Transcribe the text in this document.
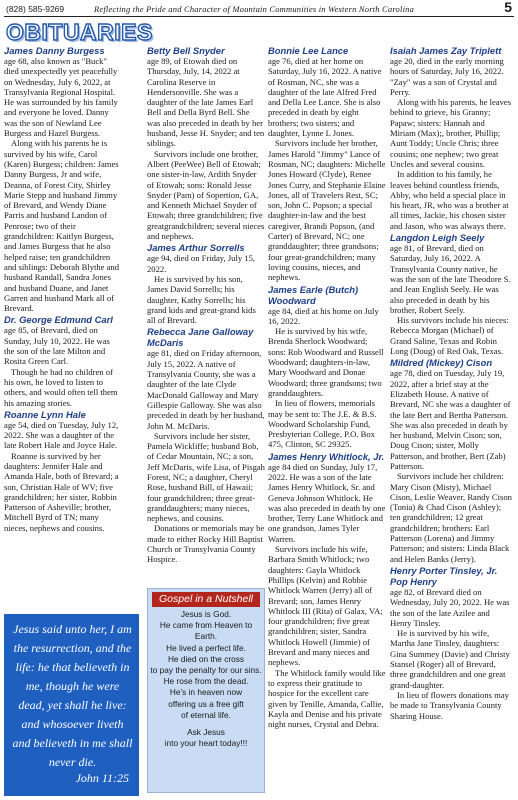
(828) 585-9269	Reflecting the Pride and Character of Mountain Communities in Western North Carolina	5
OBITUARIES
James Danny Burgess

age 68, also known as "Buck" died unexpectedly yet peacefully on Wednesday, July 6, 2022, at Transylvania Regional Hospital. He was surrounded by his family and everyone he loved. Danny was the son of Newland Lee Burgess and Hazel Burgess.

Along with his parents he is survived by his wife, Carol (Karen) Burgess; children: James Danny Burgess, Jr and wife, Deanna, of Forest City, Shirley Marie Stepp and husband Jimmy of Brevard, and Wendy Diane Parris and husband Landon of Penrose; two of their grandchildren: Kaitlyn Burgess, and James Burgess that he also helped raise; ten grandchildren and siblings: Deborah Blythe and husband Randall, Sandra Jones and husband Duane, and Janet Garren and husband Mark all of Brevard.

Dr. George Edmund Carl

age 85, of Brevard, died on Sunday, July 10, 2022. He was the son of the late Milton and Rosita Green Carl.

Though he had no children of his own, he loved to listen to others, and would often tell them his amazing stories.

Roanne Lynn Hale

age 54, died on Tuesday, July 12, 2022. She was a daughter of the late Robert Hale and Joyce Hale.

Roanne is survived by her daughters: Jennifer Hale and Amanda Hale, both of Brevard; a son, Christian Hale of WV; five grandchildren; her sister, Robbin Patterson of Asheville; brother, Mitchell Byrd of TN; many nieces, nephews and cousins.

Betty Bell Snyder

age 89, of Etowah died on Thursday, July, 14, 2022 at Carolina Reserve in Hendersonville. She was a daughter of the late James Earl Bell and Della Byrd Bell. She was also preceded in death by her husband, Jesse H. Snyder; and ten siblings.

Survivors include one brother, Albert (PeeWee) Bell of Etowah; one sister-in-law, Ardith Snyder of Etowah; sons: Ronald Jesse Snyder (Pam) of Sopertion, GA, and Kenneth Michael Snyder of Etowah; three grandchildren; five greatgrandchildren; several nieces and nephews.

James Arthur Sorrells

age 94, died on Friday, July 15, 2022.

He is survived by his son, James David Sorrells; his daughter, Kathy Sorrells; his grand kids and great-grand kids all of Brevard.

Rebecca Jane Galloway McDaris

age 81, died on Friday afternoon, July 15, 2022. A native of Transylvania County, she was a daughter of the late Clyde MacDonald Galloway and Mary Gillespie Galloway. She was also preceded in death by her husband, John M. McDaris.

Survivors include her sister, Pamela Wickliffe; husband Bob, of Cedar Mountain, NC; a son, Jeff McDaris, wife Lisa, of Pisgah Forest, NC; a daughter, Cheryl Rose, husband Bill, of Hawaii; four grandchildren; three great-granddaughters; many nieces, nephews, and cousins.

Donations or memorials may be made to either Rocky Hill Baptist Church or Transylvania County Hospice.

Bonnie Lee Lance

age 76, died at her home on Saturday, July 16, 2022. A native of Rosman, NC, she was a daughter of the late Alfred Fred and Della Lee Lance. She is also preceded in death by eight brothers; two sisters; and daughter, Lynne L Jones.

Survivors include her brother, James Harold "Jimmy" Lance of Rosman, NC; daughters: Michelle Jones Howard (Clyde), Renee Jones Curry, and Stephanie Elaine Jones, all of Travelers Rest, SC; son, John C. Popson; a special daughter-in-law and the best caregiver, Brandi Popson, (and Carter) of Brevard, NC; one granddaughter; three grandsons; four great-grandchildren; many loving cousins, nieces, and nephews.

James Earle (Butch) Woodward

age 84, died at his home on July 16, 2022.

He is survived by his wife, Brenda Sherlock Woodward; sons: Rob Woodward and Russell Woodward; daughters-in-law, Mary Woodward and Donae Woodward; three grandsons; two granddaughters.

In lieu of flowers, memorials may be sent to: The J.E. & B.S. Woodward Scholarship Fund, Presbyterian College, P.O. Box 475, Clinton, SC 29325.

James Henry Whitlock, Jr.

age 84 died on Sunday, July 17, 2022. He was a son of the late James Henry Whitlock, Sr. and Geneva Johnson Whitlock. He was also preceded in death by one brother, Terry Lane Whitlock and one grandson, James Tyler Warren.

Survivors include his wife, Barbara Smith Whitlock; two daughters: Gayla Whitlock Phillips (Kelvin) and Robbie Whitlock Warren (Jerry) all of Brevard; son, James Henry Whitlock III (Rita) of Galax, VA; four grandchildren; five great grandchildren; sister, Sandra Whitlock Howell (Jimmie) of Brevard and many nieces and nephews.

The Whitlock family would like to express their gratitude to hospice for the excellent care given by Tenille, Amanda, Callie, Kayla and Denise and his private night nurses, Crystal and Debra.

Isaiah James Zay Triplett

age 20, died in the early morning hours of Saturday, July 16, 2022. "Zay" was a son of Crystal and Perry.

Along with his parents, he leaves behind to grieve, his Granny; Papaw; sisters: Hannah and Miriam (Max);, brother, Phillip; Aunt Toddy; Uncle Chris; three cousins; one nephew; two great Uncles and several cousins.

In addition to his family, he leaves behind countless friends, Abby, who held a special place in his heart, JR, who was a brother at all times, Jackie, his chosen sister and Jason, who was always there.

Langdon Leigh Seely

age 81, of Brevard, died on Saturday, July 16, 2022. A Transylvania County native, he was the son of the late Theodore S. and Jean English Seely. He was also preceded in death by his brother, Robert Seely.

His survivors include his nieces: Rebecca Morgan (Michael) of Grand Saline, Texas and Robin Long (Doug) of Red Oak, Texas.

Mildred (Mickey) Cison

age 78, died on Tuesday, July 19, 2022, after a brief stay at the Elizabeth House. A native of Brevard, NC she was a daughter of the late Bert and Bertha Patterson. She was also preceded in death by her husband, Melvin Cison; son, Doug Cison; sister, Molly Patterson, and brother, Bert (Zab) Patterson.

Survivors include her children: Mary Cison (Misty), Michael Cison, Leslie Weaver, Randy Cison (Tonia) & Chad Cison (Ashley); ten grandchildren; 12 great grandchildren; brothers: Earl Patterson (Lorena) and Jimmy Patterson; and sisters: Linda Black and Helen Banks (Jerry).

Henry Porter Tinsley, Jr. Pop Henry

age 82, of Brevard died on Wednesday, July 20, 2022. He was the son of the late Azilee and Henry Tinsley.

He is survived by his wife, Martha Jane Tinsley, daughters: Gina Summey (Davie) and Christy Stansel (Roger) all of Brevard, three grandchildren and one great grand-daughter.

In lieu of flowers donations may be made to Transylvania County Sharing House.

Jesus said unto her, I am the resurrection, and the life: he that believeth in me, though he were dead, yet shall he live: and whosoever liveth and believeth in me shall never die.
John 11:25
Gospel in a Nutshell
Jesus is God.
He came from Heaven to Earth.
He lived a perfect life.
He died on the cross
to pay the penalty for our sins.
He rose from the dead.
He's in heaven now
offering us a free gift
of eternal life.
Ask Jesus
into your heart today!!!
